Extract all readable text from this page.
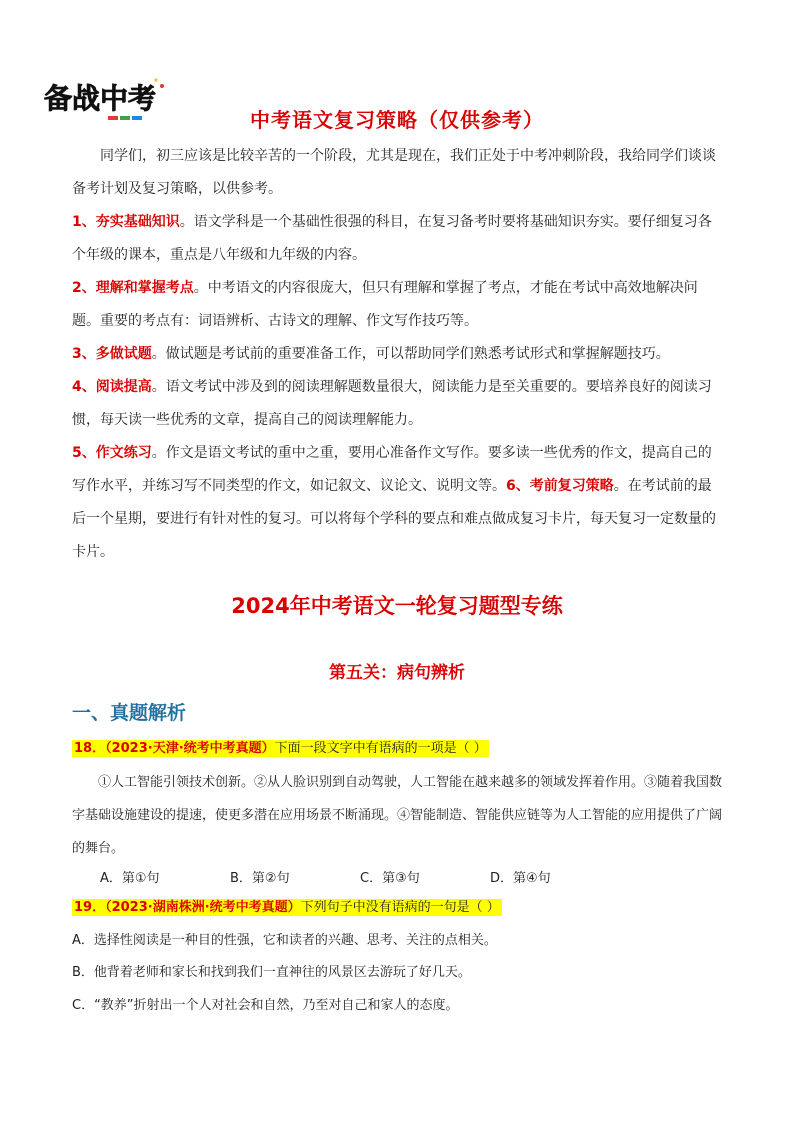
备战中考
中考语文复习策略（仅供参考）

同学们，初三应该是比较辛苦的一个阶段，尤其是现在，我们正处于中考冲刺阶段，我给同学们谈谈备考计划及复习策略，以供参考。

1、夯实基础知识。语文学科是一个基础性很强的科目，在复习备考时要将基础知识夯实。要仔细复习各个年级的课本，重点是八年级和九年级的内容。

2、理解和掌握考点。中考语文的内容很庞大，但只有理解和掌握了考点，才能在考试中高效地解决问题。重要的考点有：词语辨析、古诗文的理解、作文写作技巧等。

3、多做试题。做试题是考试前的重要准备工作，可以帮助同学们熟悉考试形式和掌握解题技巧。

4、阅读提高。语文考试中涉及到的阅读理解题数量很大，阅读能力是至关重要的。要培养良好的阅读习惯，每天读一些优秀的文章，提高自己的阅读理解能力。

5、作文练习。作文是语文考试的重中之重，要用心准备作文写作。要多读一些优秀的作文，提高自己的写作水平，并练习写不同类型的作文，如记叙文、议论文、说明文等。6、考前复习策略。在考试前的最后一个星期，要进行有针对性的复习。可以将每个学科的要点和难点做成复习卡片，每天复习一定数量的卡片。

2024年中考语文一轮复习题型专练
第五关：病句辨析
一、真题解析
18．（2023·天津·统考中考真题）下面一段文字中有语病的一项是（ ）
①人工智能引领技术创新。②从人脸识别到自动驾驶，人工智能在越来越多的领域发挥着作用。③随着我国数字基础设施建设的提速，使更多潜在应用场景不断涌现。④智能制造、智能供应链等为人工智能的应用提供了广阔的舞台。
A．第①句	B．第②句	C．第③句	D．第④句
19．（2023·湖南株洲·统考中考真题）下列句子中没有语病的一句是（ ）
A．选择性阅读是一种目的性强，它和读者的兴趣、思考、关注的点相关。
B．他背着老师和家长和找到我们一直神往的风景区去游玩了好几天。
C．“教养”折射出一个人对社会和自然，乃至对自己和家人的态度。
